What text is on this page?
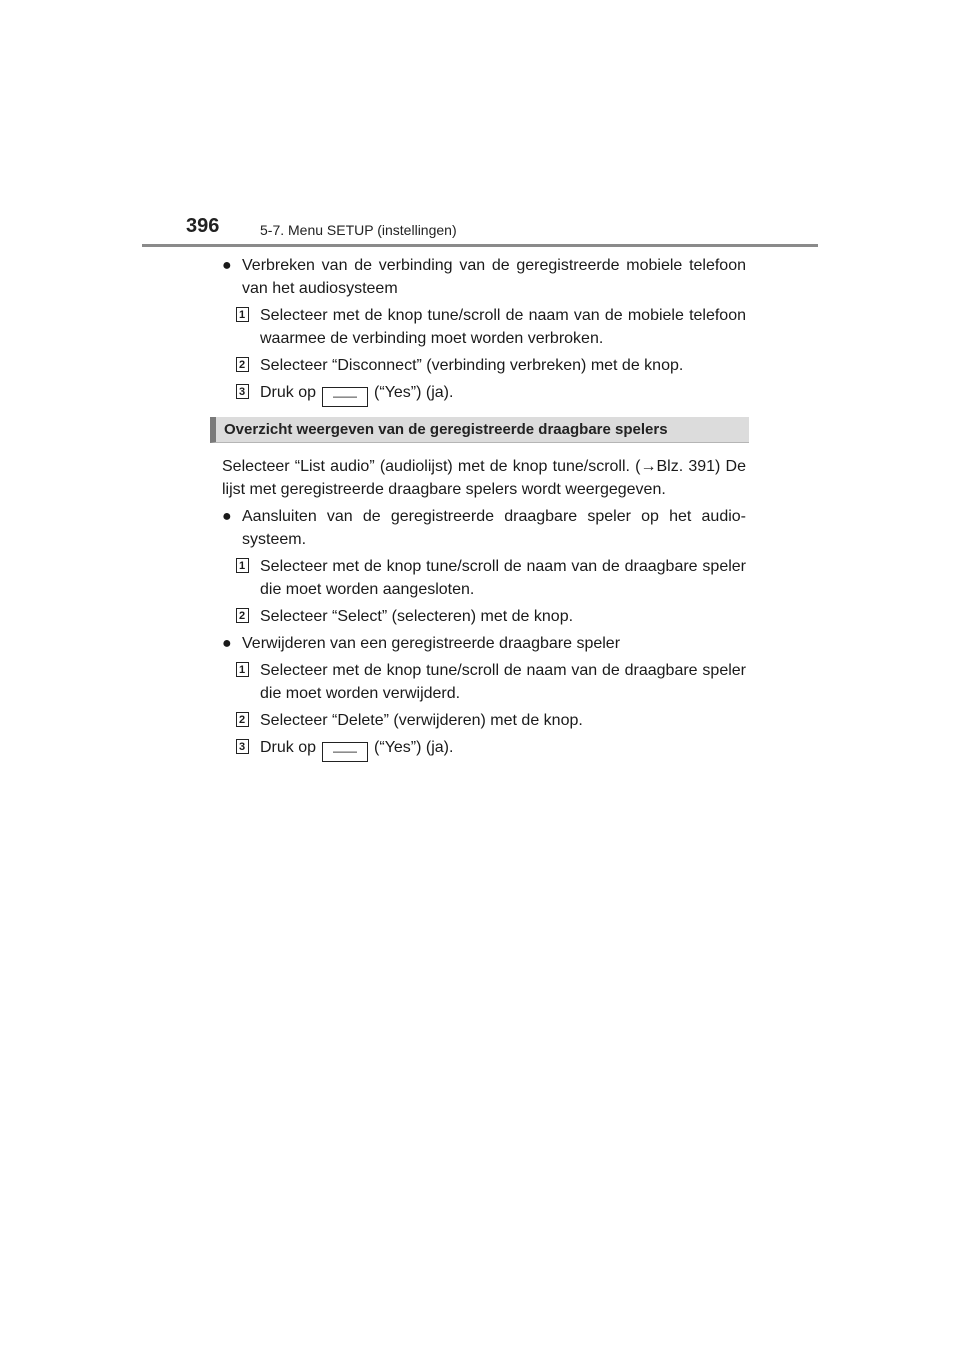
396	5-7. Menu SETUP (instellingen)
● Verbreken van de verbinding van de geregistreerde mobiele telefoon van het audiosysteem
1 Selecteer met de knop tune/scroll de naam van de mobiele telefoon waarmee de verbinding moet worden verbroken.
2 Selecteer “Disconnect” (verbinding verbreken) met de knop.
3 Druk op —— (“Yes”) (ja).
Overzicht weergeven van de geregistreerde draagbare spelers
Selecteer “List audio” (audiolijst) met de knop tune/scroll. (→Blz. 391) De lijst met geregistreerde draagbare spelers wordt weergegeven.
● Aansluiten van de geregistreerde draagbare speler op het audiosysteem.
1 Selecteer met de knop tune/scroll de naam van de draagbare speler die moet worden aangesloten.
2 Selecteer “Select” (selecteren) met de knop.
● Verwijderen van een geregistreerde draagbare speler
1 Selecteer met de knop tune/scroll de naam van de draagbare speler die moet worden verwijderd.
2 Selecteer “Delete” (verwijderen) met de knop.
3 Druk op —— (“Yes”) (ja).
